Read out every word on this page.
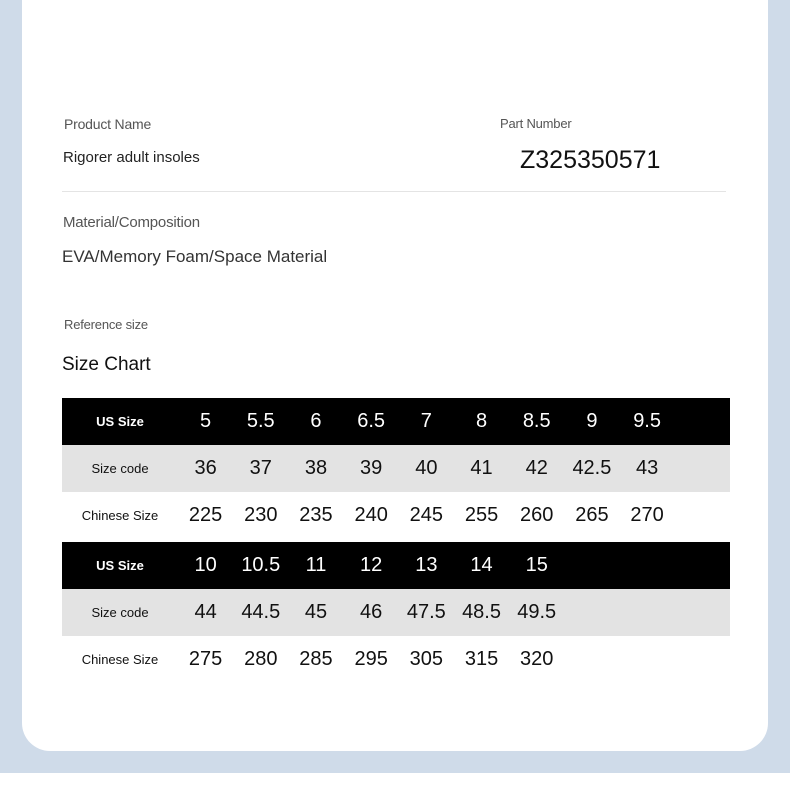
Product Name
Rigorer adult insoles
Part Number
Z325350571
Material/Composition
EVA/Memory Foam/Space Material
Reference size
Size Chart
US Size	5	5.5	6	6.5	7	8	8.5	9	9.5	
Size code	36	37	38	39	40	41	42	42.5	43	
Chinese Size	225	230	235	240	245	255	260	265	270	
US Size	10	10.5	11	12	13	14	15			
Size code	44	44.5	45	46	47.5	48.5	49.5			
Chinese Size	275	280	285	295	305	315	320			
